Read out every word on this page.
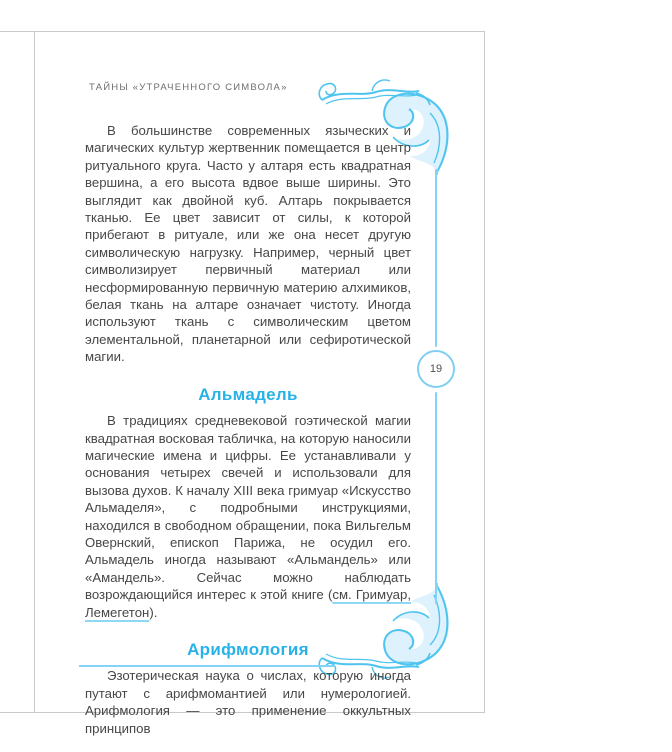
ТАЙНЫ «УТРАЧЕННОГО СИМВОЛА»
19

В большинстве современных языческих и магических культур жертвенник помещается в центр ритуального круга. Часто у алтаря есть квадратная вершина, а его высота вдвое выше ширины. Это выглядит как двойной куб. Алтарь покрывается тканью. Ее цвет зависит от силы, к которой прибегают в ритуале, или же она несет другую символическую нагрузку. Например, черный цвет символизирует первичный материал или несформированную первичную материю алхимиков, белая ткань на алтаре означает чистоту. Иногда используют ткань с символическим цветом элементальной, планетарной или сефиротической магии.

Альмадель

В традициях средневековой гоэтической магии квадратная восковая табличка, на которую наносили магические имена и цифры. Ее устанавливали у основания четырех свечей и использовали для вызова духов. К началу XIII века гримуар «Искусство Альмаделя», с подробными инструкциями, находился в свободном обращении, пока Вильгельм Овернский, епископ Парижа, не осудил его. Альмадель иногда называют «Альмандель» или «Амандель». Сейчас можно наблюдать возрождающийся интерес к этой книге (см. Гримуар, Лемегетон).

Арифмология

Эзотерическая наука о числах, которую иногда путают с арифмомантией или нумерологией. Арифмология — это применение оккультных принципов
